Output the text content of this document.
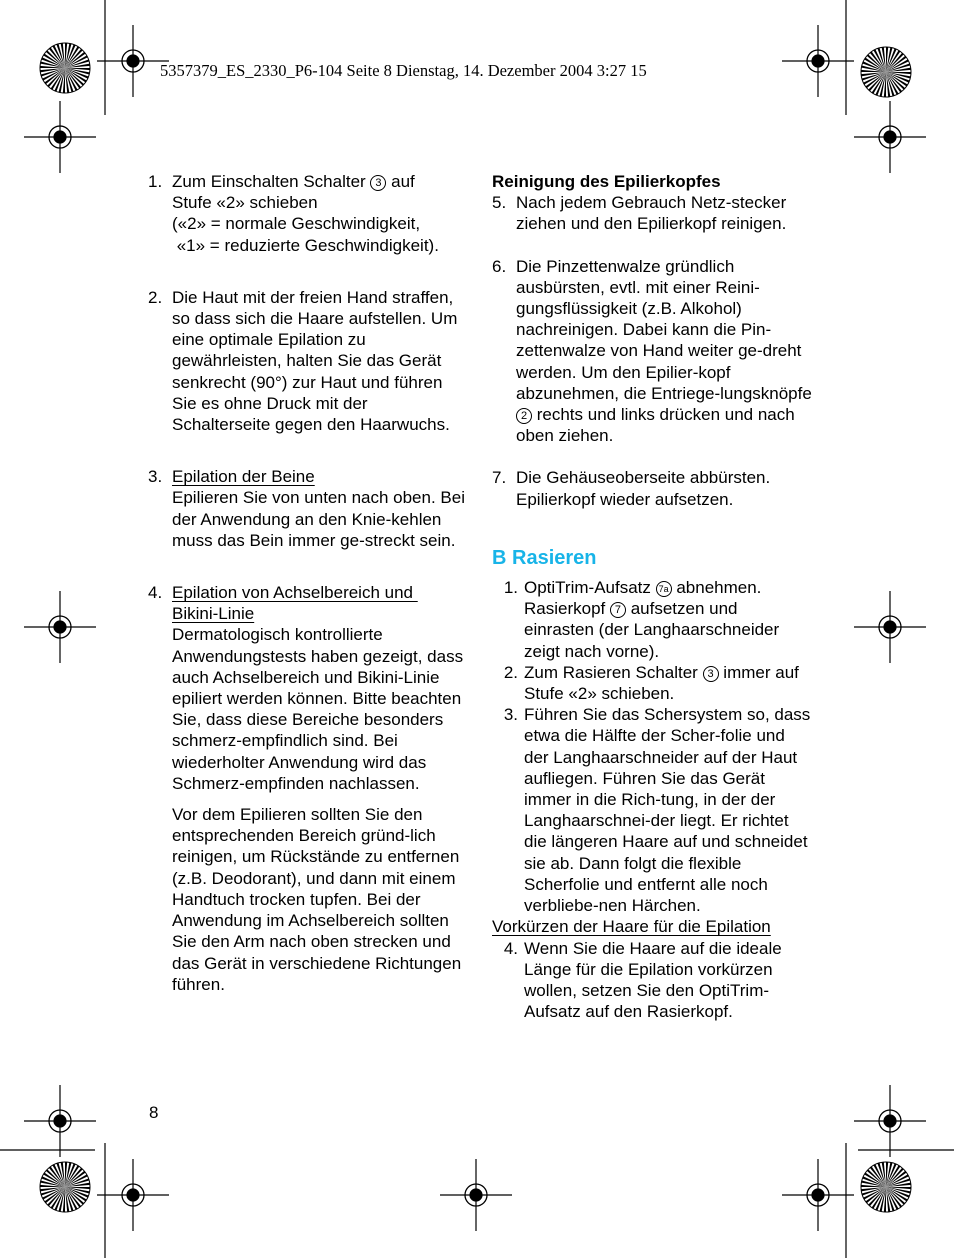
5357379_ES_2330_P6-104 Seite 8 Dienstag, 14. Dezember 2004 3:27 15
1. Zum Einschalten Schalter 3 auf

Stufe «2» schieben

(«2» = normale Geschwindigkeit,

«1» = reduzierte Geschwindigkeit).

2. Die Haut mit der freien Hand straffen, so dass sich die Haare aufstellen. Um eine optimale Epilation zu gewährleisten, halten Sie das Gerät senkrecht (90°) zur Haut und führen Sie es ohne Druck mit der Schalterseite gegen den Haarwuchs.

3. Epilation der Beine

Epilieren Sie von unten nach oben. Bei der Anwendung an den Knie-kehlen muss das Bein immer ge-streckt sein.

4. Epilation von Achselbereich und

Bikini-Linie

Dermatologisch kontrollierte Anwendungstests haben gezeigt, dass auch Achselbereich und Bikini-Linie epiliert werden können. Bitte beachten Sie, dass diese Bereiche besonders schmerz-empfindlich sind. Bei wiederholter Anwendung wird das Schmerz-empfinden nachlassen.

Vor dem Epilieren sollten Sie den entsprechenden Bereich gründ-lich reinigen, um Rückstände zu entfernen (z.B. Deodorant), und dann mit einem Handtuch trocken tupfen. Bei der Anwendung im Achselbereich sollten Sie den Arm nach oben strecken und das Gerät in verschiedene Richtungen führen.

8

Reinigung des Epilierkopfes

5. Nach jedem Gebrauch Netz-stecker ziehen und den Epilierkopf reinigen.

6. Die Pinzettenwalze gründlich ausbürsten, evtl. mit einer Reini-gungsflüssigkeit (z.B. Alkohol) nachreinigen. Dabei kann die Pin-zettenwalze von Hand weiter ge-dreht werden. Um den Epilier-kopf abzunehmen, die Entriege-lungsknöpfe 2 rechts und links drücken und nach oben ziehen.

7. Die Gehäuseoberseite abbürsten. Epilierkopf wieder aufsetzen.

B Rasieren

1. OptiTrim-Aufsatz 7a abnehmen. Rasierkopf 7 aufsetzen und einrasten (der Langhaarschneider zeigt nach vorne).

2. Zum Rasieren Schalter 3 immer auf Stufe «2» schieben.

3. Führen Sie das Schersystem so, dass etwa die Hälfte der Scher-folie und der Langhaarschneider auf der Haut aufliegen. Führen Sie das Gerät immer in die Rich-tung, in der der Langhaarschnei-der liegt. Er richtet die längeren Haare auf und schneidet sie ab. Dann folgt die flexible Scherfolie und entfernt alle noch verbliebe-nen Härchen.

Vorkürzen der Haare für die Epilation

4. Wenn Sie die Haare auf die ideale Länge für die Epilation vorkürzen wollen, setzen Sie den OptiTrim-Aufsatz auf den Rasierkopf.
